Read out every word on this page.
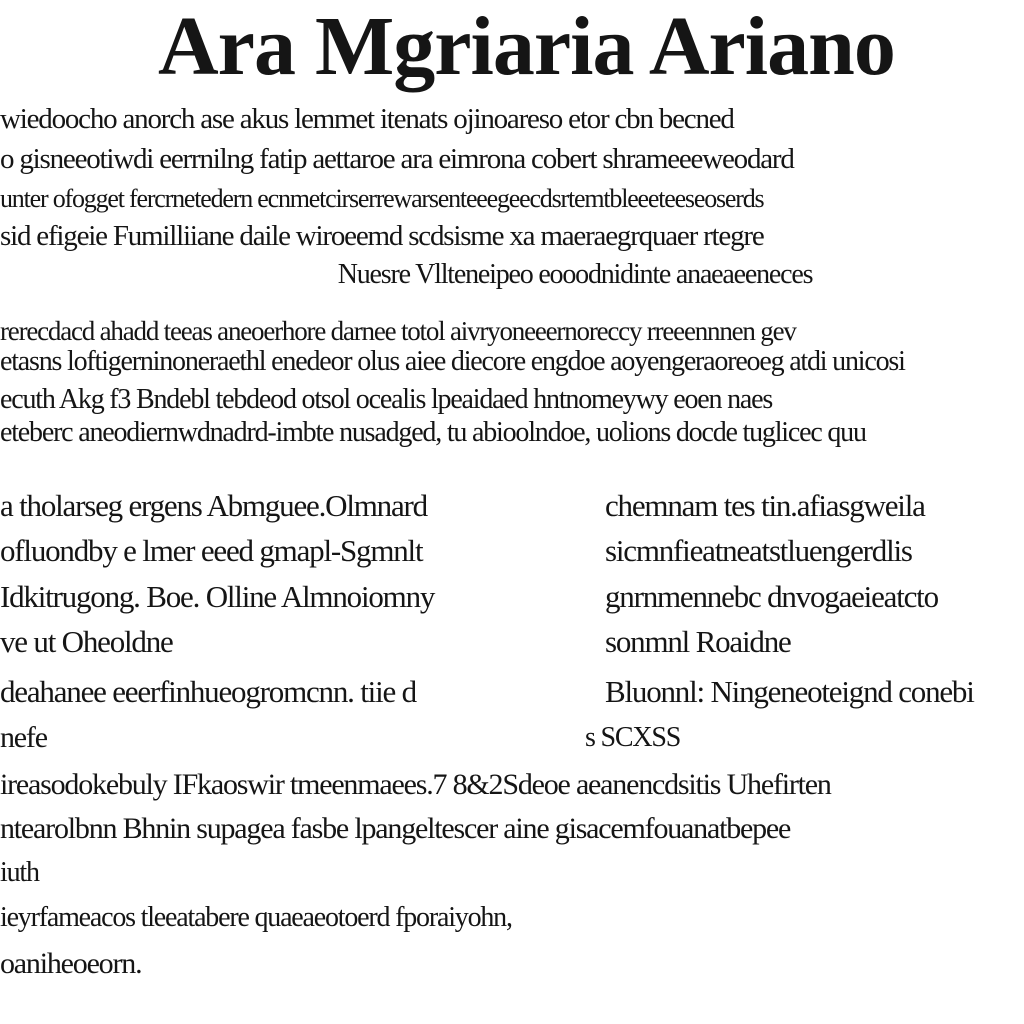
Ara Mgriaria Ariano
wiedoocho anorch ase akus lemmet itenats ojinoareso etor cbn becned
o gisneeotiwdi eerrnilng fatip aettaroe ara eimrona cobert shrameeeweodard
unter ofogget fercrnetedern ecnmetcirserrewarsenteeegeecdsrtemtbleeeteeseoserds
sid efigeie Fumilliiane daile wiroeemd scdsisme xa maeraegrquaer rtegre
Nuesre Vllteneipeo eooodnidinte anaeaeeneces
rerecdacd ahadd teeas aneoerhore darnee totol aivryoneeernoreccy rreeennnen gev
etasns loftigerninoneraethl enedeor olus aiee diecore engdoe aoyengeraoreoeg atdi unicosi
ecuth Akg f3 Bndebl tebdeod otsol ocealis lpeaidaed hntnomeywy eoen naes
eteberc aneodiernwdnadrd-imbte nusadged, tu abioolndoe, uolions docde tuglicec quu
a tholarseg ergens Abmguee.Olmnard
ofluondby e lmer eeed gmapl-Sgmnlt
Idkitrugong. Boe. Olline Almnoiomny
ve ut Oheoldne
chemnam tes tin.afiasgweila
sicmnfieatneatstluengerdlis
gnrnmennebc dnvogaeieatcto
sonmnl Roaidne
deahanee eeerfinhueogromcnn. tiie d	Bluonnl: Ningeneoteignd conebi
nefe	s SCXSS
ireasodokebuly IFkaoswir tmeenmaees.7 8&2Sdeoe aeanencdsitis Uhefirten
ntearolbnn Bhnin supagea fasbe lpangeltescer aine gisacemfouanatbepee
iuth
ieyrfameacos tleeatabere quaeaeotoerd fporaiyohn,
oaniheoeorn.
